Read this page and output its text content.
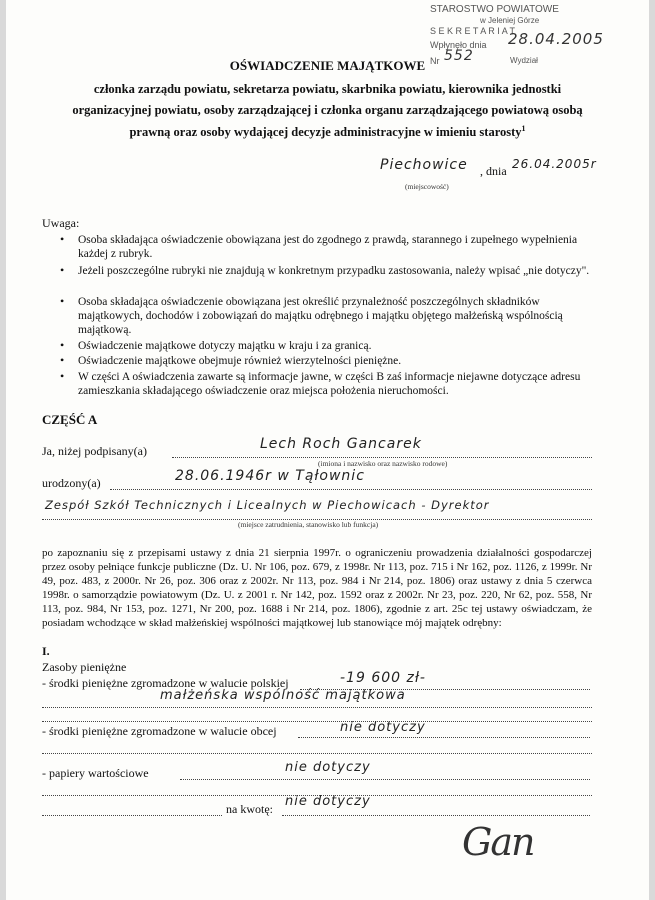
STAROSTWO POWIATOWE
w Jeleniej Górze
S E K R E T A R I A T
Wpłynęło dnia 28.04.2005
Nr 552	Wydział
OŚWIADCZENIE MAJĄTKOWE
członka zarządu powiatu, sekretarza powiatu, skarbnika powiatu, kierownika jednostki
organizacyjnej powiatu, osoby zarządzającej i członka organu zarządzającego powiatową osobą
prawną oraz osoby wydającej decyzje administracyjne w imieniu starosty$^1$
Piechowice , dnia 26.04.2005r
(miejscowość)
Uwaga:
• Osoba składająca oświadczenie obowiązana jest do zgodnego z prawdą, starannego i zupełnego wypełnienia każdej z rubryk.
• Jeżeli poszczególne rubryki nie znajdują w konkretnym przypadku zastosowania, należy wpisać „nie dotyczy".
• Osoba składająca oświadczenie obowiązana jest określić przynależność poszczególnych składników majątkowych, dochodów i zobowiązań do majątku odrębnego i majątku objętego małżeńską wspólnością majątkową.
• Oświadczenie majątkowe dotyczy majątku w kraju i za granicą.
• Oświadczenie majątkowe obejmuje również wierzytelności pieniężne.
• W części A oświadczenia zawarte są informacje jawne, w części B zaś informacje niejawne dotyczące adresu zamieszkania składającego oświadczenie oraz miejsca położenia nieruchomości.
CZĘŚĆ A
Ja, niżej podpisany(a)	Lech Roch Gancarek
(imiona i nazwisko oraz nazwisko rodowe)
urodzony(a)	28.06.1946r w Tąłownic
Zespół Szkół Technicznych i Licealnych w Piechowicach - Dyrektor
(miejsce zatrudnienia, stanowisko lub funkcja)
po zapoznaniu się z przepisami ustawy z dnia 21 sierpnia 1997r. o ograniczeniu prowadzenia działalności gospodarczej przez osoby pełniące funkcje publiczne (Dz. U. Nr 106, poz. 679, z 1998r. Nr 113, poz. 715 i Nr 162, poz. 1126, z 1999r. Nr 49, poz. 483, z 2000r. Nr 26, poz. 306 oraz z 2002r. Nr 113, poz. 984 i Nr 214, poz. 1806) oraz ustawy z dnia 5 czerwca 1998r. o samorządzie powiatowym (Dz. U. z 2001 r. Nr 142, poz. 1592 oraz z 2002r. Nr 23, poz. 220, Nr 62, poz. 558, Nr 113, poz. 984, Nr 153, poz. 1271, Nr 200, poz. 1688 i Nr 214, poz. 1806), zgodnie z art. 25c tej ustawy oświadczam, że posiadam wchodzące w skład małżeńskiej wspólności majątkowej lub stanowiące mój majątek odrębny:
I.
Zasoby pieniężne
- środki pieniężne zgromadzone w walucie polskiej	-19 600 zł-
małżeńska wspólność majątkowa
- środki pieniężne zgromadzone w walucie obcej	nie dotyczy
- papiery wartościowe	nie dotyczy
na kwotę: nie dotyczy
Gan
